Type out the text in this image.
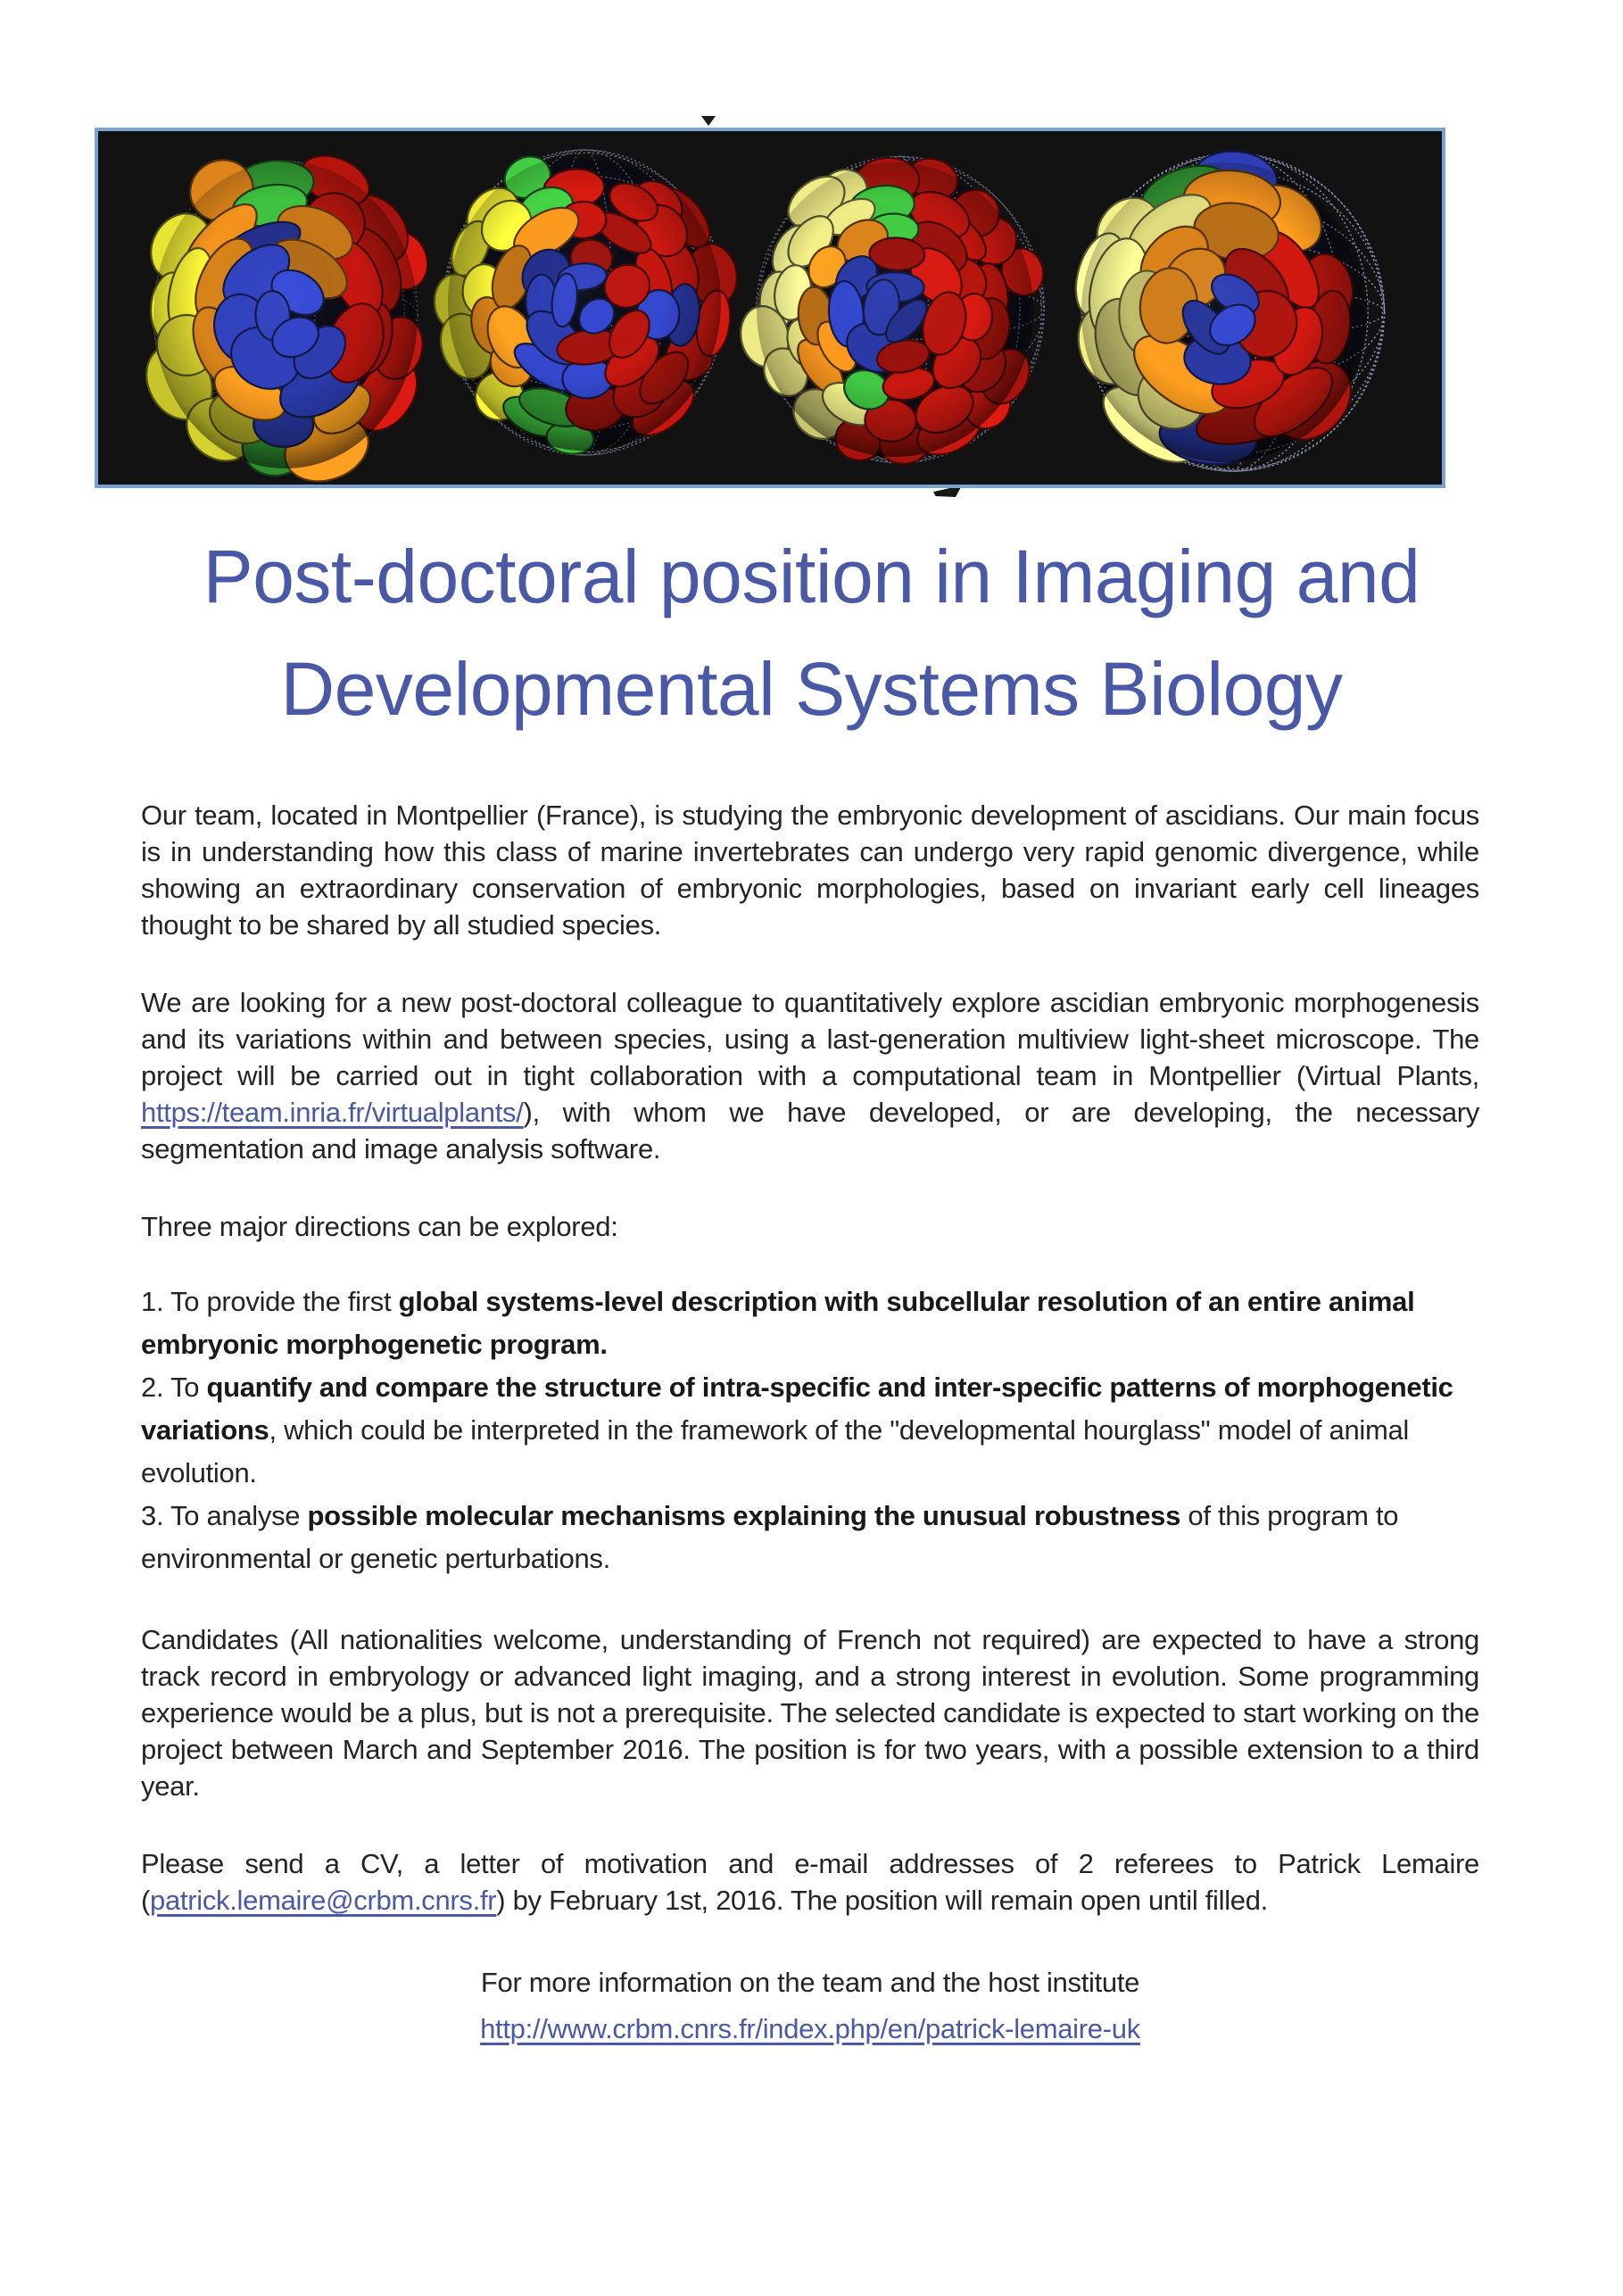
Post-doctoral position in Imaging and
Developmental Systems Biology

Our team, located in Montpellier (France), is studying the embryonic development of ascidians. Our main focus is in understanding how this class of marine invertebrates can undergo very rapid genomic divergence, while showing an extraordinary conservation of embryonic morphologies, based on invariant early cell lineages thought to be shared by all studied species.

We are looking for a new post-doctoral colleague to quantitatively explore ascidian embryonic morphogenesis and its variations within and between species, using a last-generation multiview light-sheet microscope. The project will be carried out in tight collaboration with a computational team in Montpellier (Virtual Plants, https://team.inria.fr/virtualplants/), with whom we have developed, or are developing, the necessary segmentation and image analysis software.

Three major directions can be explored:

1. To provide the first global systems-level description with subcellular resolution of an entire animal embryonic morphogenetic program.

2. To quantify and compare the structure of intra-specific and inter-specific patterns of morphogenetic variations, which could be interpreted in the framework of the "developmental hourglass" model of animal evolution.

3. To analyse possible molecular mechanisms explaining the unusual robustness of this program to environmental or genetic perturbations.

Candidates (All nationalities welcome, understanding of French not required) are expected to have a strong track record in embryology or advanced light imaging, and a strong interest in evolution. Some programming experience would be a plus, but is not a prerequisite. The selected candidate is expected to start working on the project between March and September 2016. The position is for two years, with a possible extension to a third year.

Please send a CV, a letter of motivation and e-mail addresses of 2 referees to Patrick Lemaire (patrick.lemaire@crbm.cnrs.fr) by February 1st, 2016. The position will remain open until filled.

For more information on the team and the host institute

http://www.crbm.cnrs.fr/index.php/en/patrick-lemaire-uk
